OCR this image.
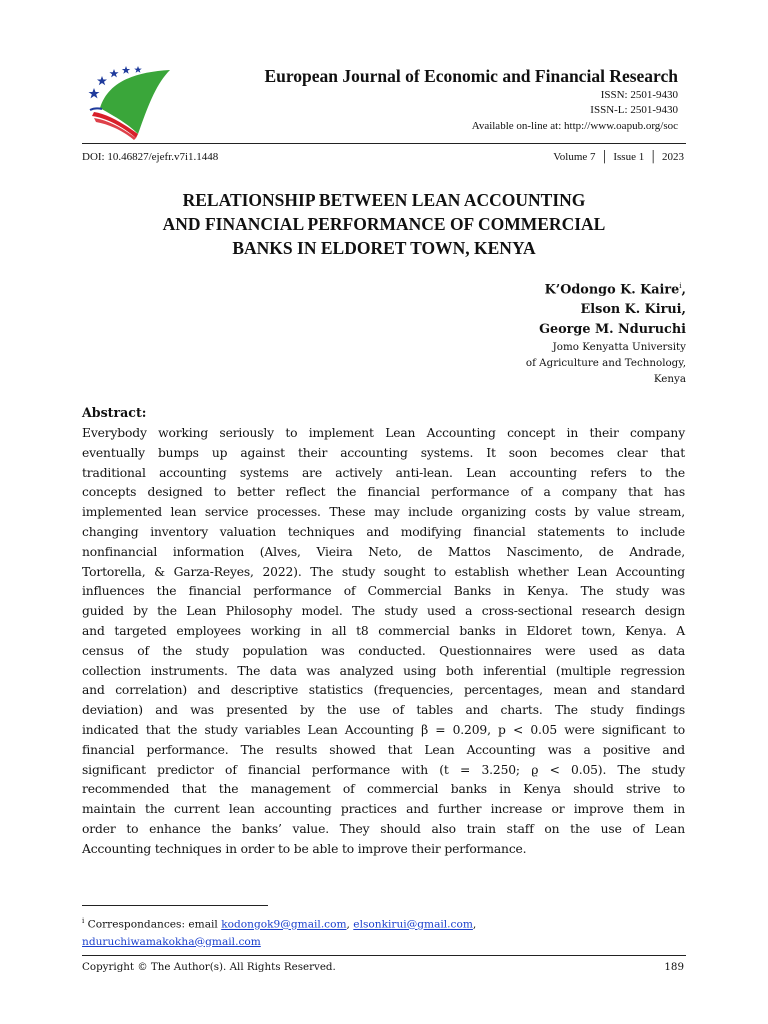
European Journal of Economic and Financial Research
ISSN: 2501-9430
ISSN-L: 2501-9430
Available on-line at: http://www.oapub.org/soc
DOI: 10.46827/ejefr.v7i1.1448	Volume 7 │ Issue 1 │ 2023
RELATIONSHIP BETWEEN LEAN ACCOUNTING
AND FINANCIAL PERFORMANCE OF COMMERCIAL
BANKS IN ELDORET TOWN, KENYA
K’Odongo K. Kaire$^i$,
Elson K. Kirui,
George M. Nduruchi
Jomo Kenyatta University
of Agriculture and Technology,
Kenya
Abstract:
Everybody working seriously to implement Lean Accounting concept in their company
eventually bumps up against their accounting systems. It soon becomes clear that
traditional accounting systems are actively anti-lean. Lean accounting refers to the
concepts designed to better reflect the financial performance of a company that has
implemented lean service processes. These may include organizing costs by value stream,
changing inventory valuation techniques and modifying financial statements to include
nonfinancial information (Alves, Vieira Neto, de Mattos Nascimento, de Andrade,
Tortorella, & Garza-Reyes, 2022). The study sought to establish whether Lean Accounting
influences the financial performance of Commercial Banks in Kenya. The study was
guided by the Lean Philosophy model. The study used a cross-sectional research design
and targeted employees working in all t8 commercial banks in Eldoret town, Kenya. A
census of the study population was conducted. Questionnaires were used as data
collection instruments. The data was analyzed using both inferential (multiple regression
and correlation) and descriptive statistics (frequencies, percentages, mean and standard
deviation) and was presented by the use of tables and charts. The study findings
indicated that the study variables Lean Accounting β = 0.209, p < 0.05 were significant to
financial performance. The results showed that Lean Accounting was a positive and
significant predictor of financial performance with (t = 3.250; ϱ < 0.05). The study
recommended that the management of commercial banks in Kenya should strive to
maintain the current lean accounting practices and further increase or improve them in
order to enhance the banks’ value. They should also train staff on the use of Lean
Accounting techniques in order to be able to improve their performance.
$^i$ Correspondances: email kodongok9@gmail.com, elsonkirui@gmail.com,
nduruchiwamakokha@gmail.com
Copyright © The Author(s). All Rights Reserved.	189
